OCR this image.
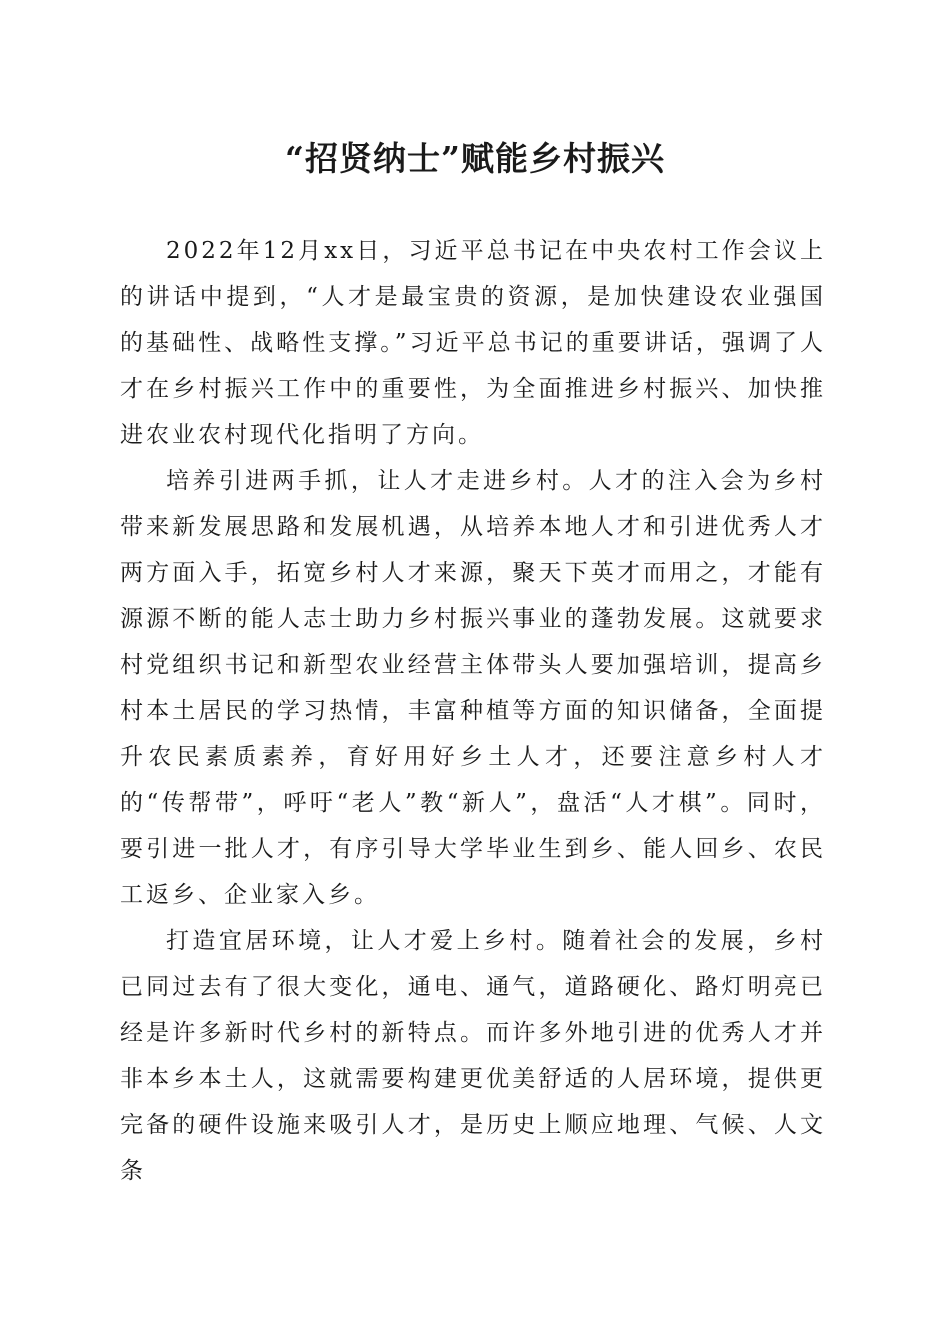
“招贤纳士”赋能乡村振兴

2022年12月xx日，习近平总书记在中央农村工作会议上的讲话中提到，“人才是最宝贵的资源，是加快建设农业强国的基础性、战略性支撑。”习近平总书记的重要讲话，强调了人才在乡村振兴工作中的重要性，为全面推进乡村振兴、加快推进农业农村现代化指明了方向。

培养引进两手抓，让人才走进乡村。人才的注入会为乡村带来新发展思路和发展机遇，从培养本地人才和引进优秀人才两方面入手，拓宽乡村人才来源，聚天下英才而用之，才能有源源不断的能人志士助力乡村振兴事业的蓬勃发展。这就要求村党组织书记和新型农业经营主体带头人要加强培训，提高乡村本土居民的学习热情，丰富种植等方面的知识储备，全面提升农民素质素养，育好用好乡土人才，还要注意乡村人才的“传帮带”，呼吁“老人”教“新人”，盘活“人才棋”。同时，要引进一批人才，有序引导大学毕业生到乡、能人回乡、农民工返乡、企业家入乡。

打造宜居环境，让人才爱上乡村。随着社会的发展，乡村已同过去有了很大变化，通电、通气，道路硬化、路灯明亮已经是许多新时代乡村的新特点。而许多外地引进的优秀人才并非本乡本土人，这就需要构建更优美舒适的人居环境，提供更完备的硬件设施来吸引人才，是历史上顺应地理、气候、人文条
